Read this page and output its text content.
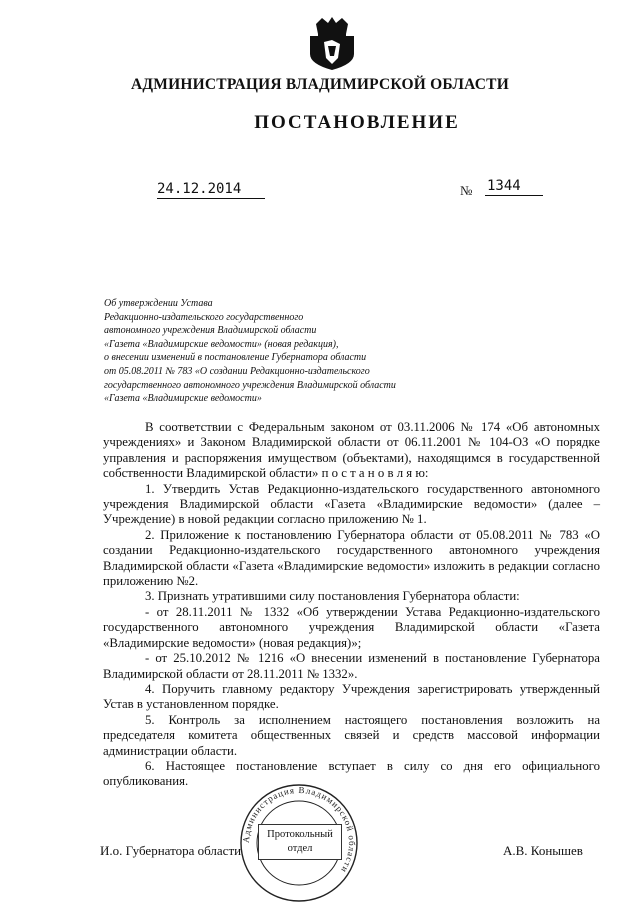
АДМИНИСТРАЦИЯ ВЛАДИМИРСКОЙ ОБЛАСТИ
ПОСТАНОВЛЕНИЕ
24.12.2014	№ 1344
Об утверждении Устава
Редакционно-издательского государственного
автономного учреждения Владимирской области
«Газета «Владимирские ведомости» (новая редакция),
о внесении изменений в постановление Губернатора области
от 05.08.2011 № 783 «О создании Редакционно-издательского
государственного автономного учреждения Владимирской области
«Газета «Владимирские ведомости»

В соответствии с Федеральным законом от 03.11.2006 № 174 «Об автономных учреждениях» и Законом Владимирской области от 06.11.2001 № 104-ОЗ «О порядке управления и распоряжения имуществом (объектами), находящимся в государственной собственности Владимирской области» п о с т а н о в л я ю:

1. Утвердить Устав Редакционно-издательского государственного автономного учреждения Владимирской области «Газета «Владимирские ведомости» (далее – Учреждение) в новой редакции согласно приложению № 1.

2. Приложение к постановлению Губернатора области от 05.08.2011 № 783 «О создании Редакционно-издательского государственного автономного учреждения Владимирской области «Газета «Владимирские ведомости» изложить в редакции согласно приложению №2.

3. Признать утратившими силу постановления Губернатора области:

- от 28.11.2011 № 1332 «Об утверждении Устава Редакционно-издательского государственного автономного учреждения Владимирской области «Газета «Владимирские ведомости» (новая редакция)»;

- от 25.10.2012 № 1216 «О внесении изменений в постановление Губернатора Владимирской области от 28.11.2011 № 1332».

4. Поручить главному редактору Учреждения зарегистрировать утвержденный Устав в установленном порядке.

5. Контроль за исполнением настоящего постановления возложить на председателя комитета общественных связей и средств массовой информации администрации области.

6. Настоящее постановление вступает в силу со дня его официального опубликования.

Администрация Владимирской области
Протокольный отдел
И.о. Губернатора области	А.В. Конышев
